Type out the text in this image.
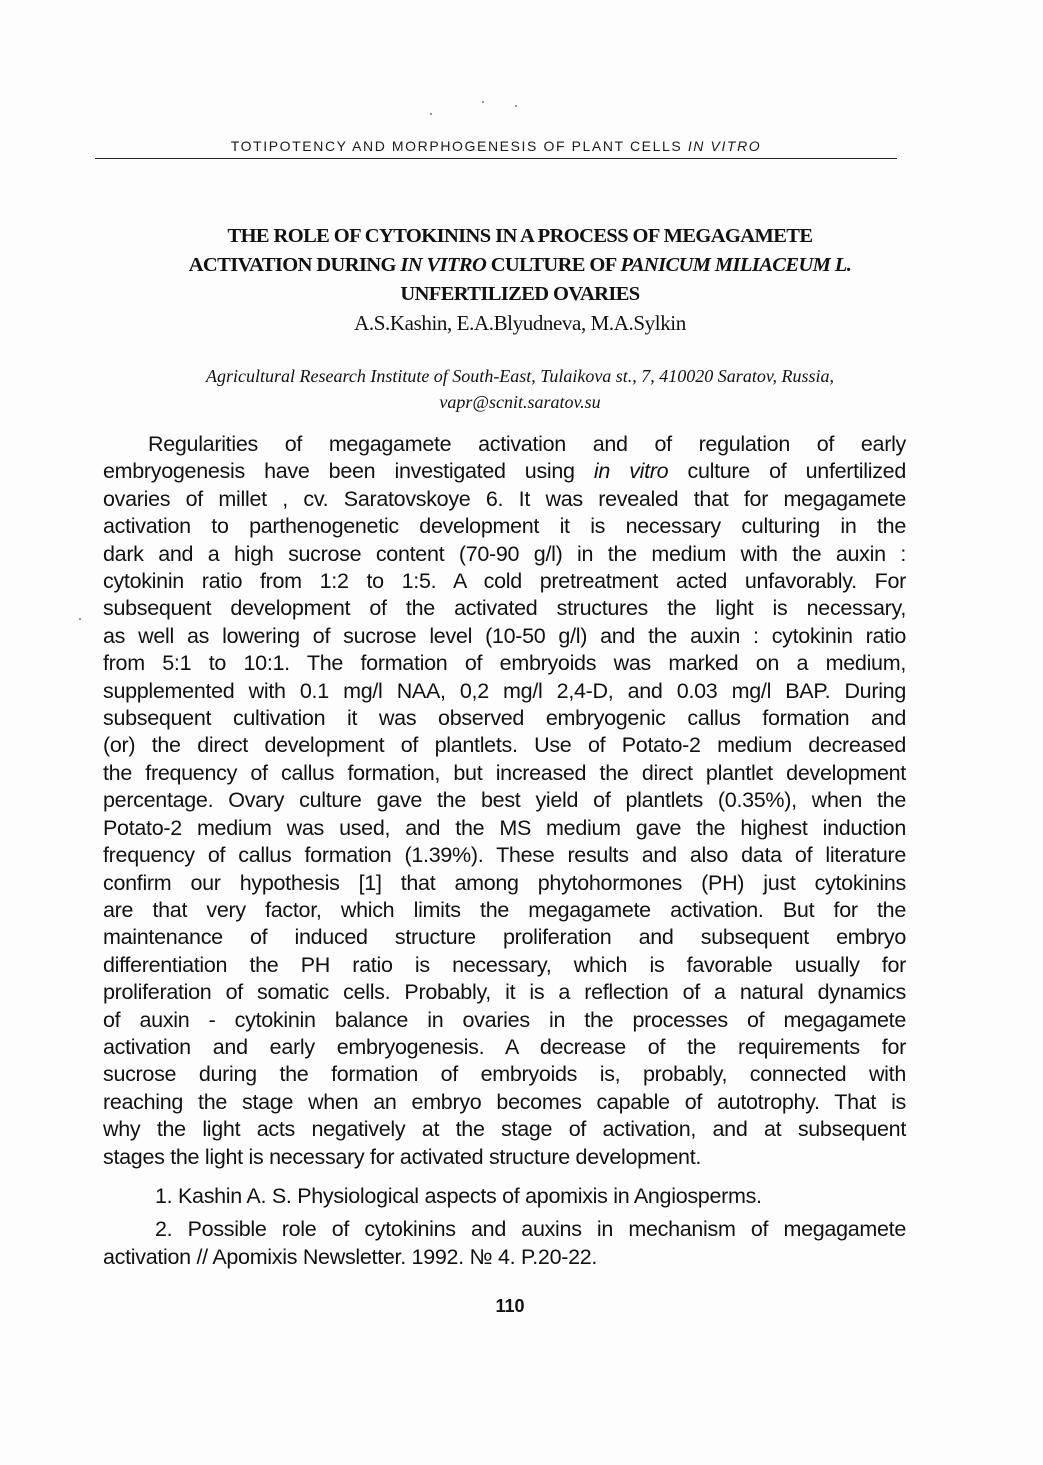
TOTIPOTENCY AND MORPHOGENESIS OF PLANT CELLS IN VITRO
THE ROLE OF CYTOKININS IN A PROCESS OF MEGAGAMETE
ACTIVATION DURING IN VITRO CULTURE OF PANICUM MILIACEUM L.
UNFERTILIZED OVARIES
A.S.Kashin, E.A.Blyudneva, M.A.Sylkin
Agricultural Research Institute of South-East, Tulaikova st., 7, 410020 Saratov, Russia,
vapr@scnit.saratov.su
Regularities of megagamete activation and of regulation of early
embryogenesis have been investigated using in vitro culture of unfertilized
ovaries of millet , cv. Saratovskoye 6. It was revealed that for megagamete
activation to parthenogenetic development it is necessary culturing in the
dark and a high sucrose content (70-90 g/l) in the medium with the auxin :
cytokinin ratio from 1:2 to 1:5. A cold pretreatment acted unfavorably. For
subsequent development of the activated structures the light is necessary,
as well as lowering of sucrose level (10-50 g/l) and the auxin : cytokinin ratio
from 5:1 to 10:1. The formation of embryoids was marked on a medium,
supplemented with 0.1 mg/l NAA, 0,2 mg/l 2,4-D, and 0.03 mg/l BAP. During
subsequent cultivation it was observed embryogenic callus formation and
(or) the direct development of plantlets. Use of Potato-2 medium decreased
the frequency of callus formation, but increased the direct plantlet development
percentage. Ovary culture gave the best yield of plantlets (0.35%), when the
Potato-2 medium was used, and the MS medium gave the highest induction
frequency of callus formation (1.39%). These results and also data of literature
confirm our hypothesis [1] that among phytohormones (PH) just cytokinins
are that very factor, which limits the megagamete activation. But for the
maintenance of induced structure proliferation and subsequent embryo
differentiation the PH ratio is necessary, which is favorable usually for
proliferation of somatic cells. Probably, it is a reflection of a natural dynamics
of auxin - cytokinin balance in ovaries in the processes of megagamete
activation and early embryogenesis. A decrease of the requirements for
sucrose during the formation of embryoids is, probably, connected with
reaching the stage when an embryo becomes capable of autotrophy. That is
why the light acts negatively at the stage of activation, and at subsequent
stages the light is necessary for activated structure development.
1. Kashin A. S. Physiological aspects of apomixis in Angiosperms.
2. Possible role of cytokinins and auxins in mechanism of megagamete
activation // Apomixis Newsletter. 1992. № 4. P.20-22.
110
